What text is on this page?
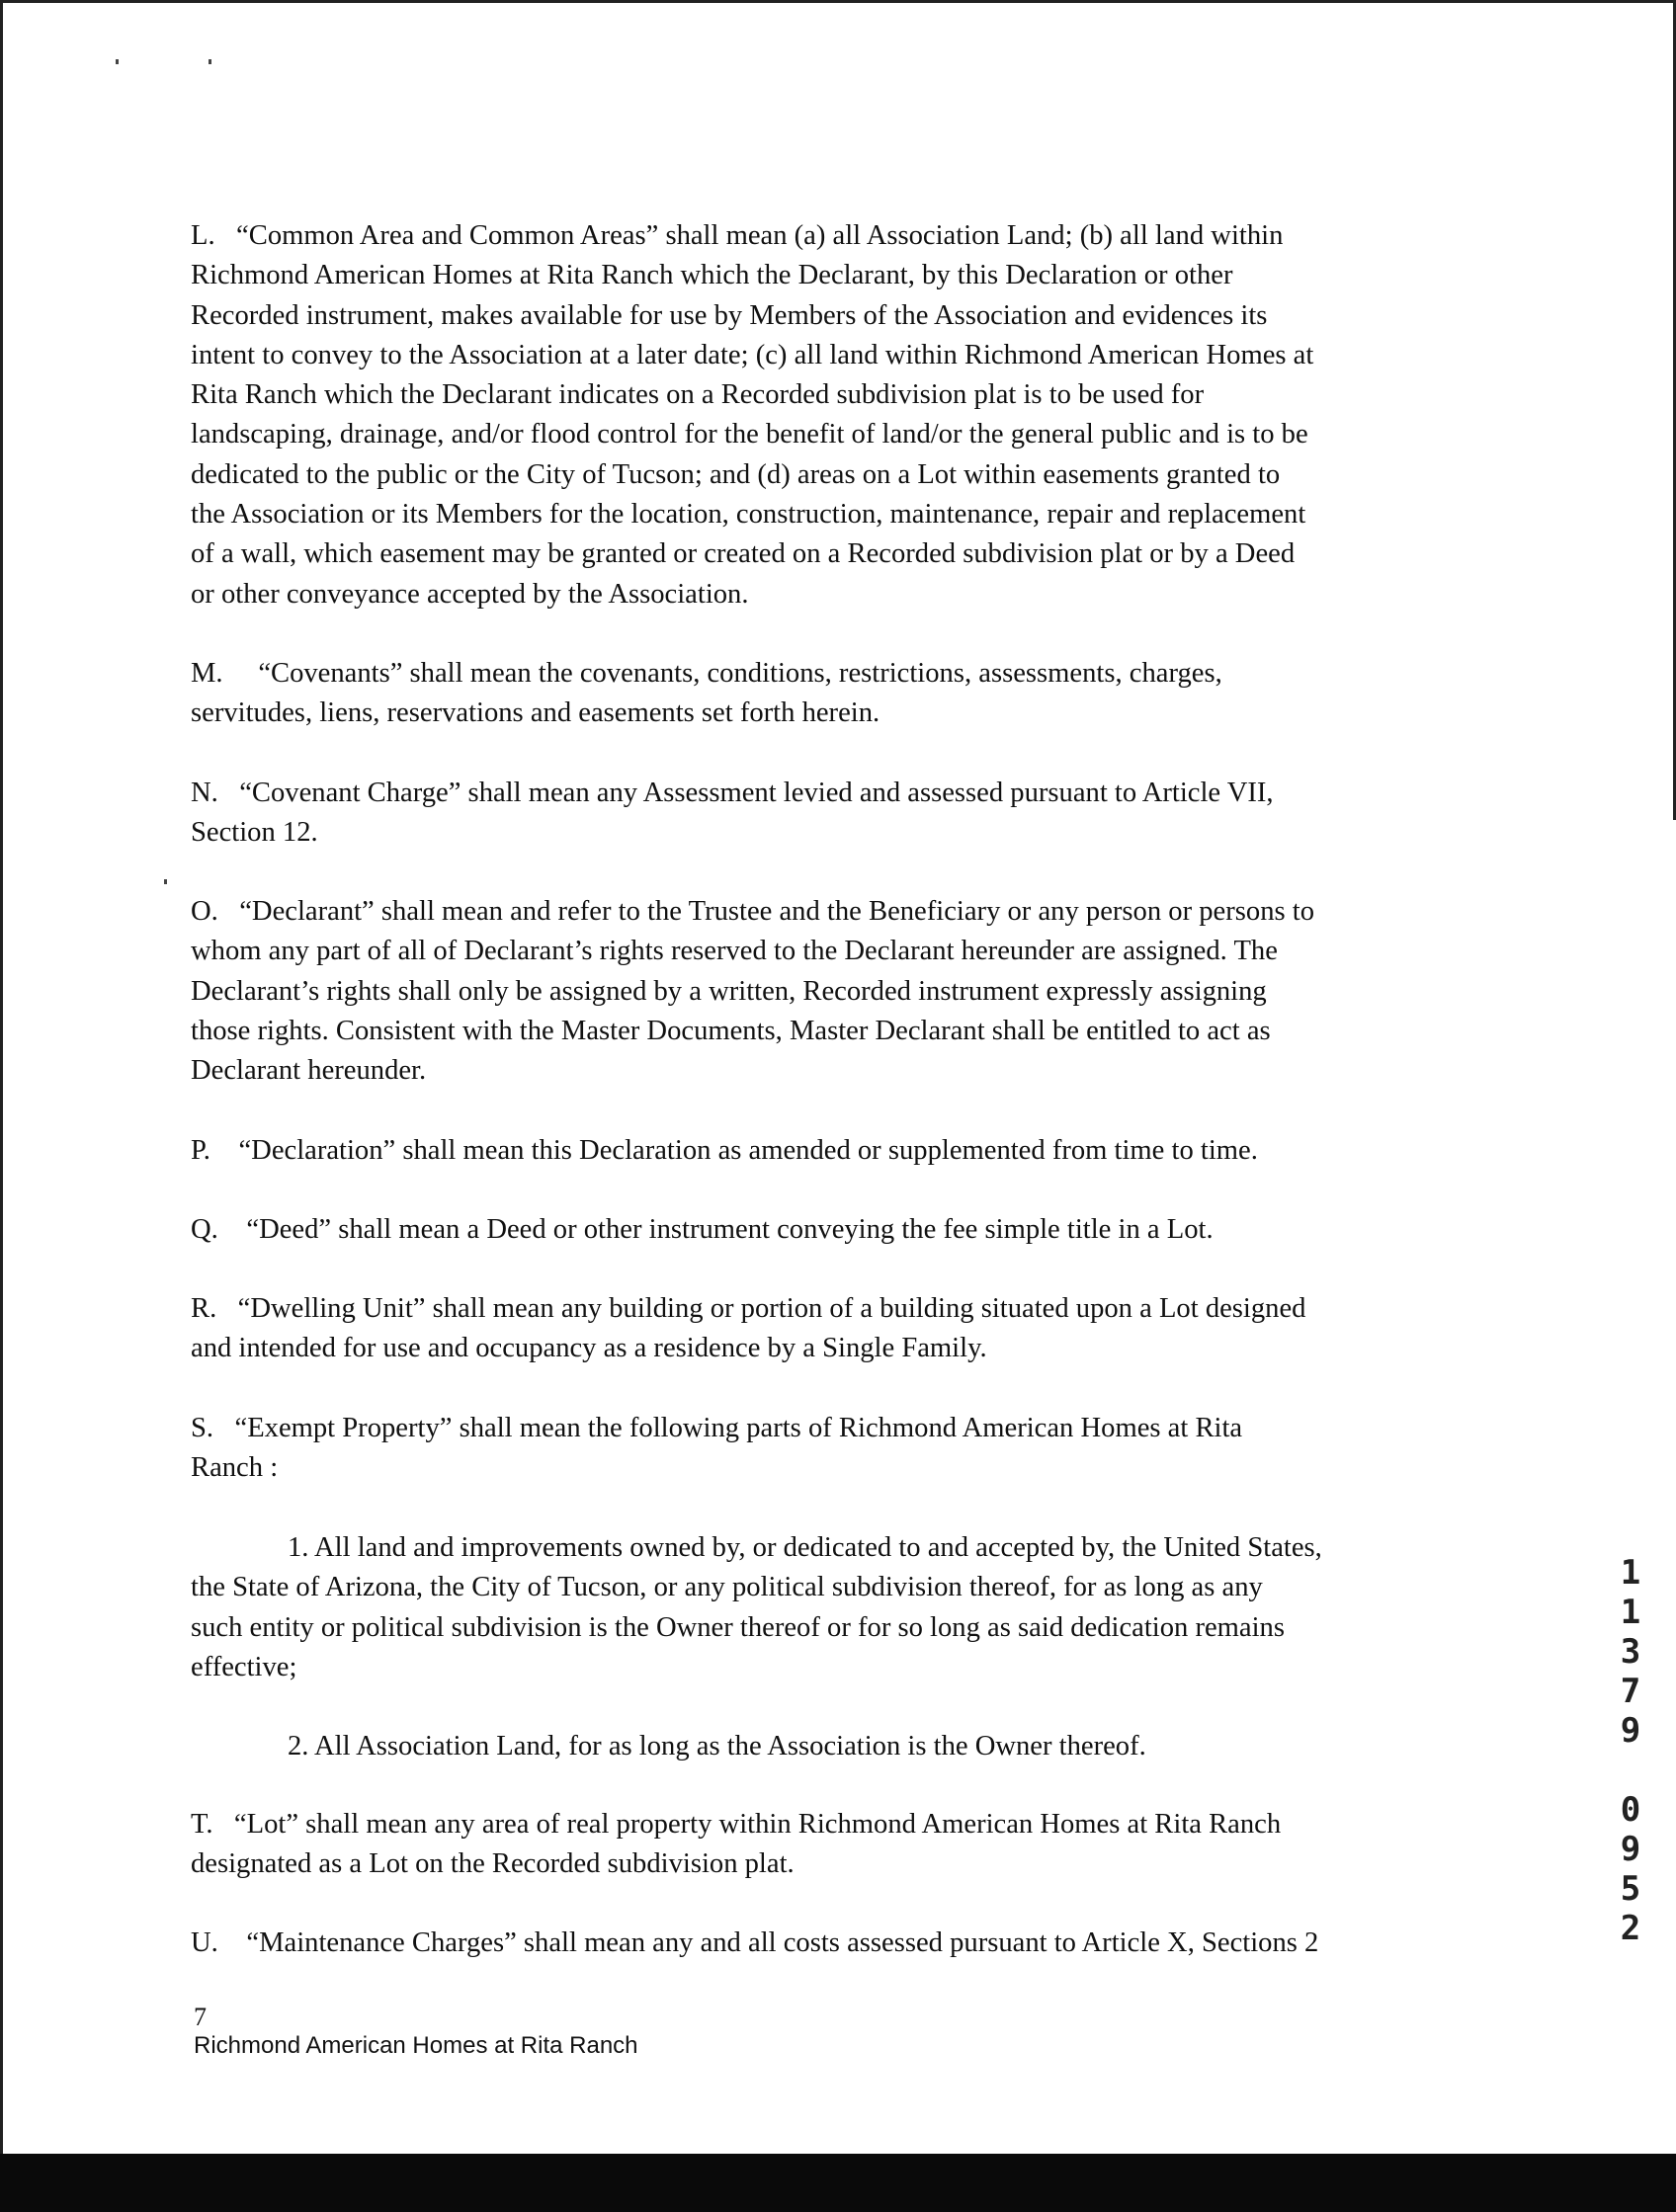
L.   “Common Area and Common Areas” shall mean (a) all Association Land; (b) all land within
Richmond American Homes at Rita Ranch which the Declarant, by this Declaration or other
Recorded instrument, makes available for use by Members of the Association and evidences its
intent to convey to the Association at a later date; (c) all land within Richmond American Homes at
Rita Ranch which the Declarant indicates on a Recorded subdivision plat is to be used for
landscaping, drainage, and/or flood control for the benefit of land/or the general public and is to be
dedicated to the public or the City of Tucson; and (d) areas on a Lot within easements granted to
the Association or its Members for the location, construction, maintenance, repair and replacement
of a wall, which easement may be granted or created on a Recorded subdivision plat or by a Deed
or other conveyance accepted by the Association.
M.     “Covenants” shall mean the covenants, conditions, restrictions, assessments, charges,
servitudes, liens, reservations and easements set forth herein.
N.   “Covenant Charge” shall mean any Assessment levied and assessed pursuant to Article VII,
Section 12.
O.   “Declarant” shall mean and refer to the Trustee and the Beneficiary or any person or persons to
whom any part of all of Declarant’s rights reserved to the Declarant hereunder are assigned. The
Declarant’s rights shall only be assigned by a written, Recorded instrument expressly assigning
those rights. Consistent with the Master Documents, Master Declarant shall be entitled to act as
Declarant hereunder.
P.    “Declaration” shall mean this Declaration as amended or supplemented from time to time.
Q.    “Deed” shall mean a Deed or other instrument conveying the fee simple title in a Lot.
R.   “Dwelling Unit” shall mean any building or portion of a building situated upon a Lot designed
and intended for use and occupancy as a residence by a Single Family.
S.   “Exempt Property” shall mean the following parts of Richmond American Homes at Rita
Ranch :
1. All land and improvements owned by, or dedicated to and accepted by, the United States,
the State of Arizona, the City of Tucson, or any political subdivision thereof, for as long as any
such entity or political subdivision is the Owner thereof or for so long as said dedication remains
effective;
2. All Association Land, for as long as the Association is the Owner thereof.
T.   “Lot” shall mean any area of real property within Richmond American Homes at Rita Ranch
designated as a Lot on the Recorded subdivision plat.
U.    “Maintenance Charges” shall mean any and all costs assessed pursuant to Article X, Sections 2
1
1
3
7
9

0
9
5
2
7
Richmond American Homes at Rita Ranch
